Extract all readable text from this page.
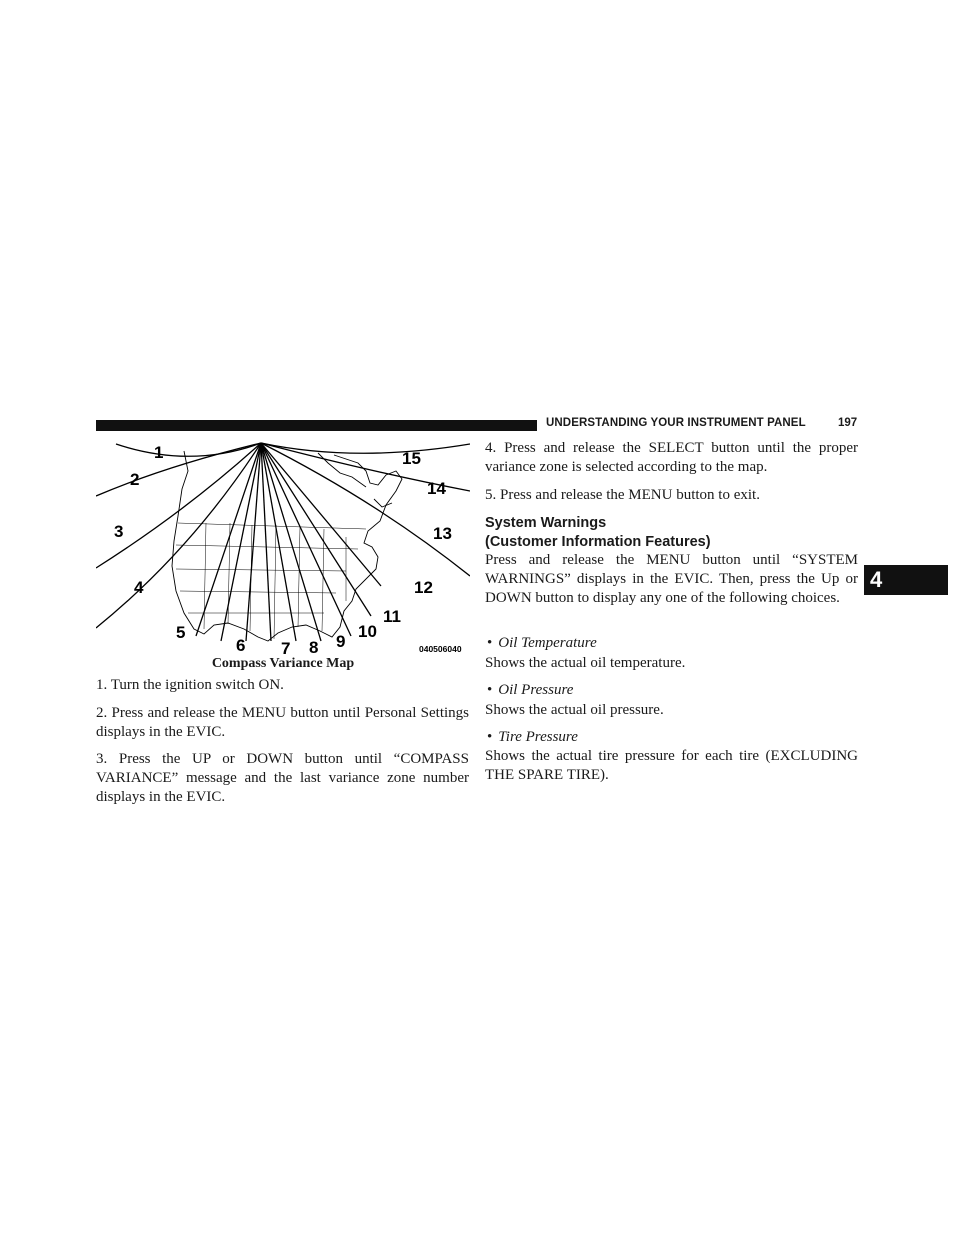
UNDERSTANDING YOUR INSTRUMENT PANEL	197
4
1
2
3
4
5
6 7 8 9
10
11
12
13
14
15
040506040
Compass Variance Map
1. Turn the ignition switch ON.
2. Press and release the MENU button until Personal Settings displays in the EVIC.
3. Press the UP or DOWN button until “COMPASS VARIANCE” message and the last variance zone number displays in the EVIC.
4. Press and release the SELECT button until the proper variance zone is selected according to the map.
5. Press and release the MENU button to exit.
System Warnings
(Customer Information Features)
Press and release the MENU button until “SYSTEM WARNINGS” displays in the EVIC. Then, press the Up or DOWN button to display any one of the following choices.
• Oil Temperature
Shows the actual oil temperature.
• Oil Pressure
Shows the actual oil pressure.
• Tire Pressure
Shows the actual tire pressure for each tire (EXCLUDING THE SPARE TIRE).
